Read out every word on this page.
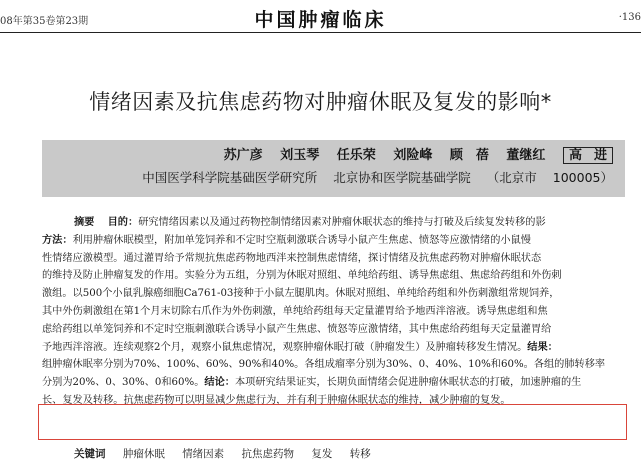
08年第35卷第23期	中国肿瘤临床	·136
情绪因素及抗焦虑药物对肿瘤休眠及复发的影响*
苏广彦 刘玉琴 任乐荣 刘险峰 顾 蓓 董继红 高 进
中国医学科学院基础医学研究所 北京协和医学院基础学院 （北京市 100005）
摘要 目的：研究情绪因素以及通过药物控制情绪因素对肿瘤休眠状态的维持与打破及后续复发转移的影
方法：利用肿瘤休眠模型，附加单笼饲养和不定时空瓶刺激联合诱导小鼠产生焦虑、愤怒等应激情绪的小鼠慢
性情绪应激模型。通过灌胃给予常规抗焦虑药物地西泮来控制焦虑情绪，探讨情绪及抗焦虑药物对肿瘤休眠状态
的维持及防止肿瘤复发的作用。实验分为五组，分别为休眠对照组、单纯给药组、诱导焦虑组、焦虑给药组和外伤刺
激组。以500个小鼠乳腺癌细胞Ca761-03接种于小鼠左腿肌肉。休眠对照组、单纯给药组和外伤刺激组常规饲养，
其中外伤刺激组在第1个月末切除右爪作为外伤刺激，单纯给药组每天定量灌胃给予地西泮溶液。诱导焦虑组和焦
虑给药组以单笼饲养和不定时空瓶刺激联合诱导小鼠产生焦虑、愤怒等应激情绪，其中焦虑给药组每天定量灌胃给
予地西泮溶液。连续观察2个月，观察小鼠焦虑情况，观察肿瘤休眠打破（肿瘤发生）及肿瘤转移发生情况。结果：
组肿瘤休眠率分别为70%、100%、60%、90%和40%。各组成瘤率分别为30%、0、40%、10%和60%。各组的肺转移率
分别为20%、0、30%、0和60%。结论：本项研究结果证实，长期负面情绪会促进肿瘤休眠状态的打破，加速肿瘤的生
长、复发及转移。抗焦虑药物可以明显减少焦虑行为，并有利于肿瘤休眠状态的维持，减少肿瘤的复发。
关键词 肿瘤休眠 情绪因素 抗焦虑药物 复发 转移
